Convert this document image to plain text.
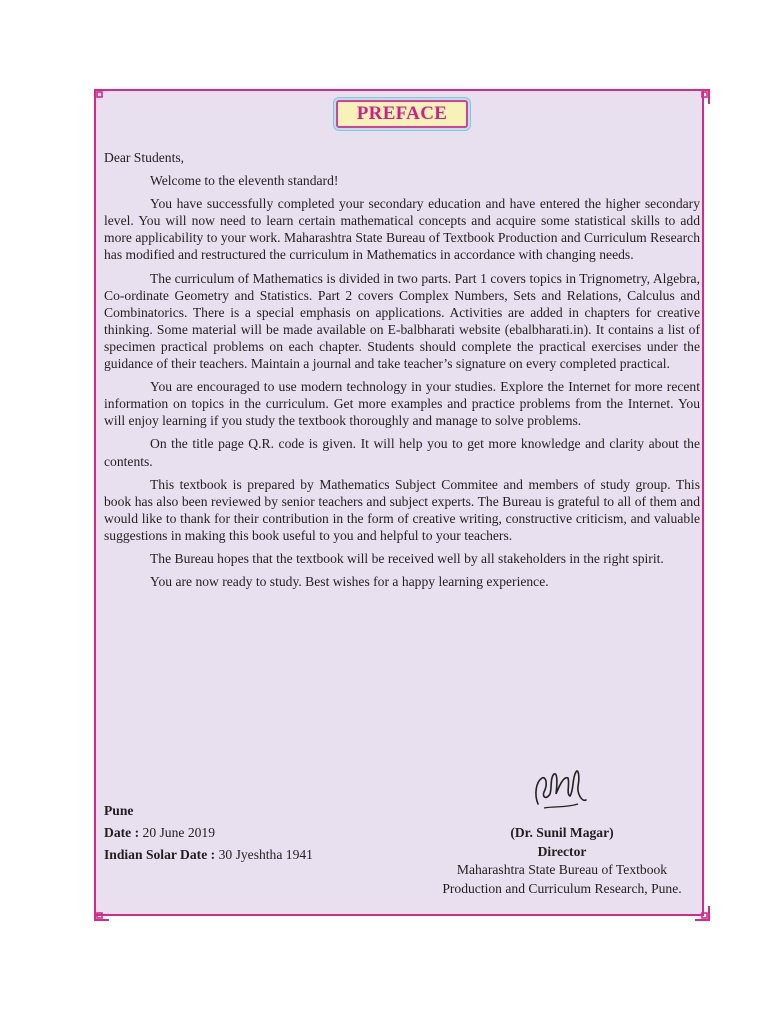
PREFACE

Dear Students,

Welcome to the eleventh standard!

You have successfully completed your secondary education and have entered the higher secondary level. You will now need to learn certain mathematical concepts and acquire some statistical skills to add more applicability to your work. Maharashtra State Bureau of Textbook Production and Curriculum Research has modified and restructured the curriculum in Mathematics in accordance with changing needs.

The curriculum of Mathematics is divided in two parts. Part 1 covers topics in Trignometry, Algebra, Co-ordinate Geometry and Statistics. Part 2 covers Complex Numbers, Sets and Relations, Calculus and Combinatorics. There is a special emphasis on applications. Activities are added in chapters for creative thinking. Some material will be made available on E-balbharati website (ebalbharati.in). It contains a list of specimen practical problems on each chapter. Students should complete the practical exercises under the guidance of their teachers. Maintain a journal and take teacher’s signature on every completed practical.

You are encouraged to use modern technology in your studies. Explore the Internet for more recent information on topics in the curriculum. Get more examples and practice problems from the Internet. You will enjoy learning if you study the textbook thoroughly and manage to solve problems.

On the title page Q.R. code is given. It will help you to get more knowledge and clarity about the contents.

This textbook is prepared by Mathematics Subject Commitee and members of study group. This book has also been reviewed by senior teachers and subject experts. The Bureau is grateful to all of them and would like to thank for their contribution in the form of creative writing, constructive criticism, and valuable suggestions in making this book useful to you and helpful to your teachers.

The Bureau hopes that the textbook will be received well by all stakeholders in the right spirit.

You are now ready to study. Best wishes for a happy learning experience.

Pune
Date : 20 June 2019
Indian Solar Date : 30 Jyeshtha 1941
(Dr. Sunil Magar)
Director
Maharashtra State Bureau of Textbook
Production and Curriculum Research, Pune.
